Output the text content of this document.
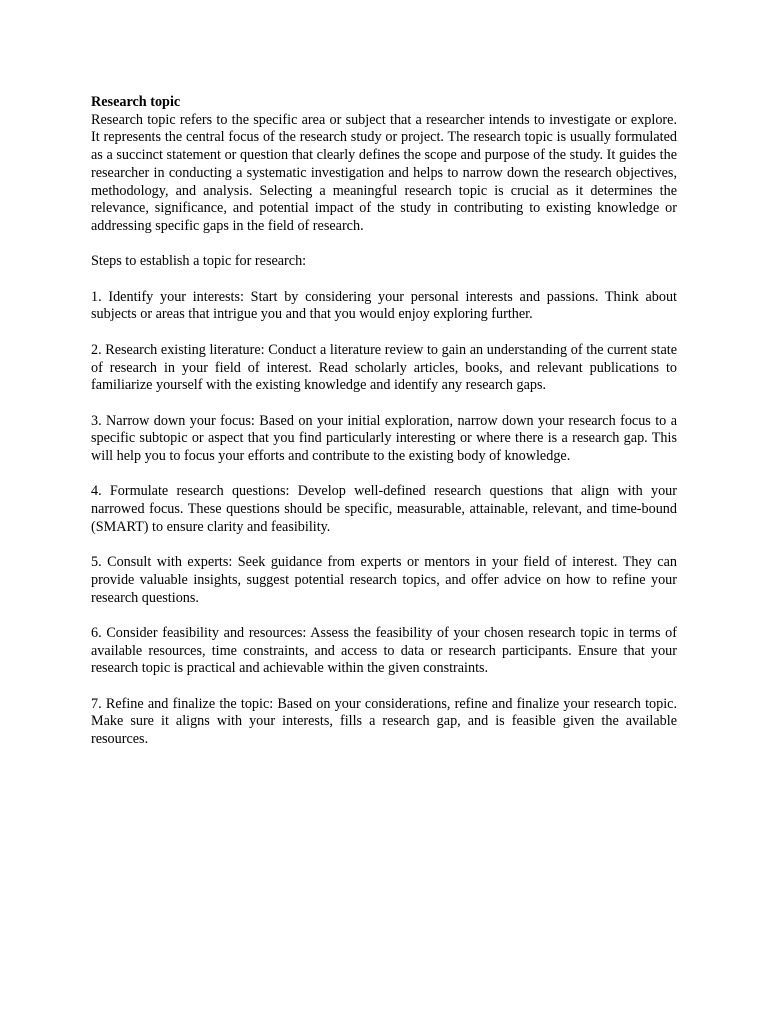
Research topic

Research topic refers to the specific area or subject that a researcher intends to investigate or explore. It represents the central focus of the research study or project. The research topic is usually formulated as a succinct statement or question that clearly defines the scope and purpose of the study. It guides the researcher in conducting a systematic investigation and helps to narrow down the research objectives, methodology, and analysis. Selecting a meaningful research topic is crucial as it determines the relevance, significance, and potential impact of the study in contributing to existing knowledge or addressing specific gaps in the field of research.

Steps to establish a topic for research:

1. Identify your interests: Start by considering your personal interests and passions. Think about subjects or areas that intrigue you and that you would enjoy exploring further.

2. Research existing literature: Conduct a literature review to gain an understanding of the current state of research in your field of interest. Read scholarly articles, books, and relevant publications to familiarize yourself with the existing knowledge and identify any research gaps.

3. Narrow down your focus: Based on your initial exploration, narrow down your research focus to a specific subtopic or aspect that you find particularly interesting or where there is a research gap. This will help you to focus your efforts and contribute to the existing body of knowledge.

4. Formulate research questions: Develop well-defined research questions that align with your narrowed focus. These questions should be specific, measurable, attainable, relevant, and time-bound (SMART) to ensure clarity and feasibility.

5. Consult with experts: Seek guidance from experts or mentors in your field of interest. They can provide valuable insights, suggest potential research topics, and offer advice on how to refine your research questions.

6. Consider feasibility and resources: Assess the feasibility of your chosen research topic in terms of available resources, time constraints, and access to data or research participants. Ensure that your research topic is practical and achievable within the given constraints.

7. Refine and finalize the topic: Based on your considerations, refine and finalize your research topic. Make sure it aligns with your interests, fills a research gap, and is feasible given the available resources.
